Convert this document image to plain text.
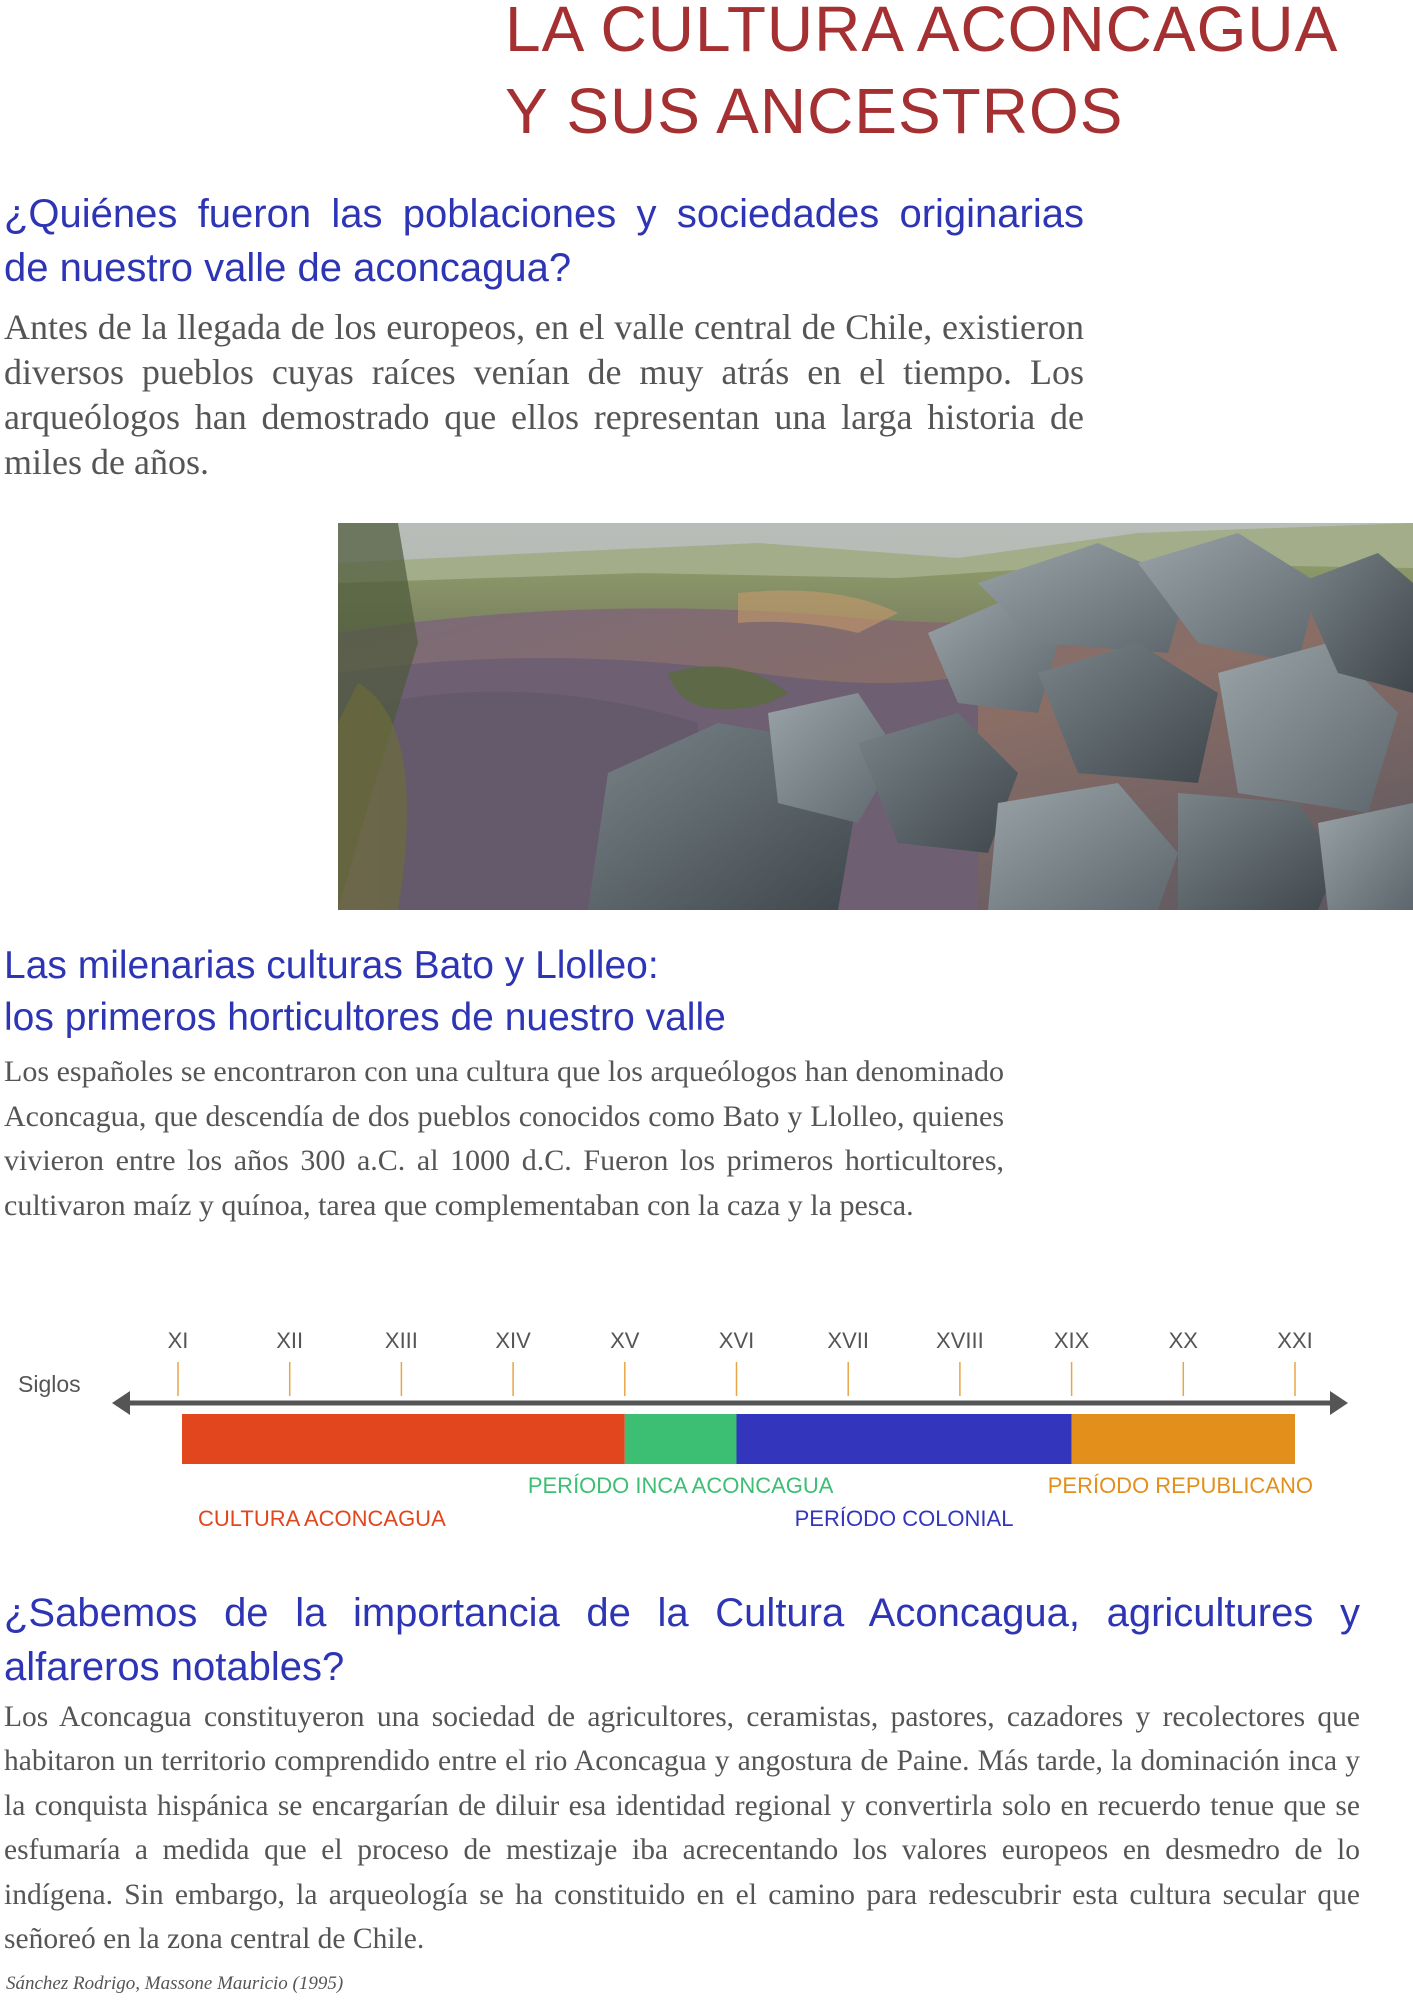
LA CULTURA ACONCAGUA
Y SUS ANCESTROS
¿Quiénes fueron las poblaciones y sociedades originarias de nuestro valle de aconcagua?

Antes de la llegada de los europeos, en el valle central de Chile, existieron diversos pueblos cuyas raíces venían de muy atrás en el tiempo. Los arqueólogos han demostrado que ellos representan una larga historia de miles de años.

Las milenarias culturas Bato y Llolleo:
los primeros horticultores de nuestro valle

Los españoles se encontraron con una cultura que los arqueólogos han denominado Aconcagua, que descendía de dos pueblos conocidos como Bato y Llolleo, quienes vivieron entre los años 300 a.C. al 1000 d.C. Fueron los primeros horticultores, cultivaron maíz y quínoa, tarea que complementaban con la caza y la pesca.

XI	XII	XIII	XIV	XV	XVI	XVII	XVIII	XIX	XX	XXI
Siglos
CULTURA ACONCAGUA
PERÍODO INCA ACONCAGUA
PERÍODO COLONIAL
PERÍODO REPUBLICANO
¿Sabemos de la importancia de la Cultura Aconcagua, agricultures y alfareros notables?

Los Aconcagua constituyeron una sociedad de agricultores, ceramistas, pastores, cazadores y recolectores que habitaron un territorio comprendido entre el rio Aconcagua y angostura de Paine. Más tarde, la dominación inca y la conquista hispánica se encargarían de diluir esa identidad regional y convertirla solo en recuerdo tenue que se esfumaría a medida que el proceso de mestizaje iba acrecentando los valores europeos en desmedro de lo indígena. Sin embargo, la arqueología se ha constituido en el camino para redescubrir esta cultura secular que señoreó en la zona central de Chile.

Sánchez Rodrigo, Massone Mauricio (1995)
